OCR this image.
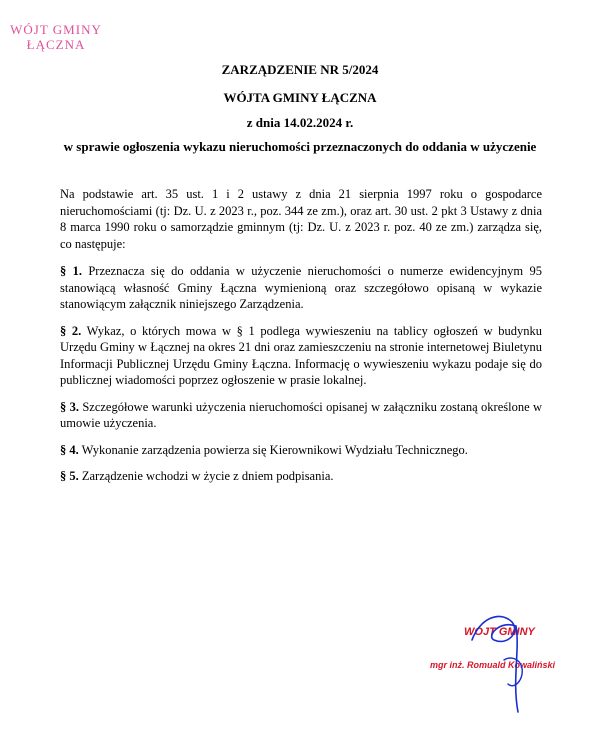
WÓJT GMINY
ŁĄCZNA
ZARZĄDZENIE NR 5/2024
WÓJTA GMINY ŁĄCZNA
z dnia 14.02.2024 r.
w sprawie ogłoszenia wykazu nieruchomości przeznaczonych do oddania w użyczenie

Na podstawie art. 35 ust. 1 i 2 ustawy z dnia 21 sierpnia 1997 roku o gospodarce nieruchomościami (tj: Dz. U. z 2023 r., poz. 344 ze zm.), oraz art. 30 ust. 2 pkt 3 Ustawy z dnia 8 marca 1990 roku o samorządzie gminnym (tj: Dz. U. z 2023 r. poz. 40 ze zm.) zarządza się, co następuje:

§ 1. Przeznacza się do oddania w użyczenie nieruchomości o numerze ewidencyjnym 95 stanowiącą własność Gminy Łączna wymienioną oraz szczegółowo opisaną w wykazie stanowiącym załącznik niniejszego Zarządzenia.

§ 2. Wykaz, o których mowa w § 1 podlega wywieszeniu na tablicy ogłoszeń w budynku Urzędu Gminy w Łącznej na okres 21 dni oraz zamieszczeniu na stronie internetowej Biuletynu Informacji Publicznej Urzędu Gminy Łączna. Informację o wywieszeniu wykazu podaje się do publicznej wiadomości poprzez ogłoszenie w prasie lokalnej.

§ 3. Szczegółowe warunki użyczenia nieruchomości opisanej w załączniku zostaną określone w umowie użyczenia.

§ 4. Wykonanie zarządzenia powierza się Kierownikowi Wydziału Technicznego.

§ 5. Zarządzenie wchodzi w życie z dniem podpisania.

WÓJT GMINY
mgr inż. Romuald Kowaliński
